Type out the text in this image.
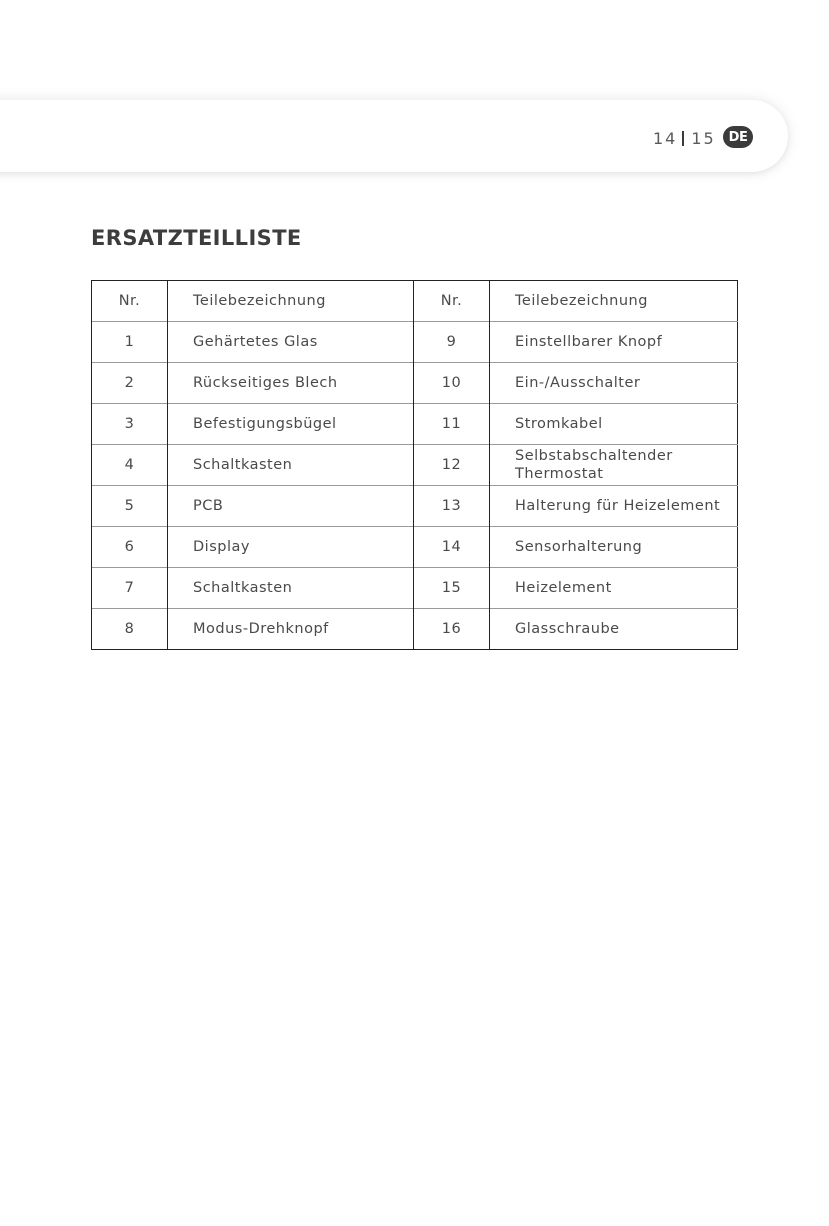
14 15 DE
ERSATZTEILLISTE
Nr.	Teilebezeichnung	Nr.	Teilebezeichnung
1	Gehärtetes Glas	9	Einstellbarer Knopf
2	Rückseitiges Blech	10	Ein-/Ausschalter
3	Befestigungsbügel	11	Stromkabel
4	Schaltkasten	12	Selbstabschaltender Thermostat
5	PCB	13	Halterung für Heizelement
6	Display	14	Sensorhalterung
7	Schaltkasten	15	Heizelement
8	Modus-Drehknopf	16	Glasschraube
